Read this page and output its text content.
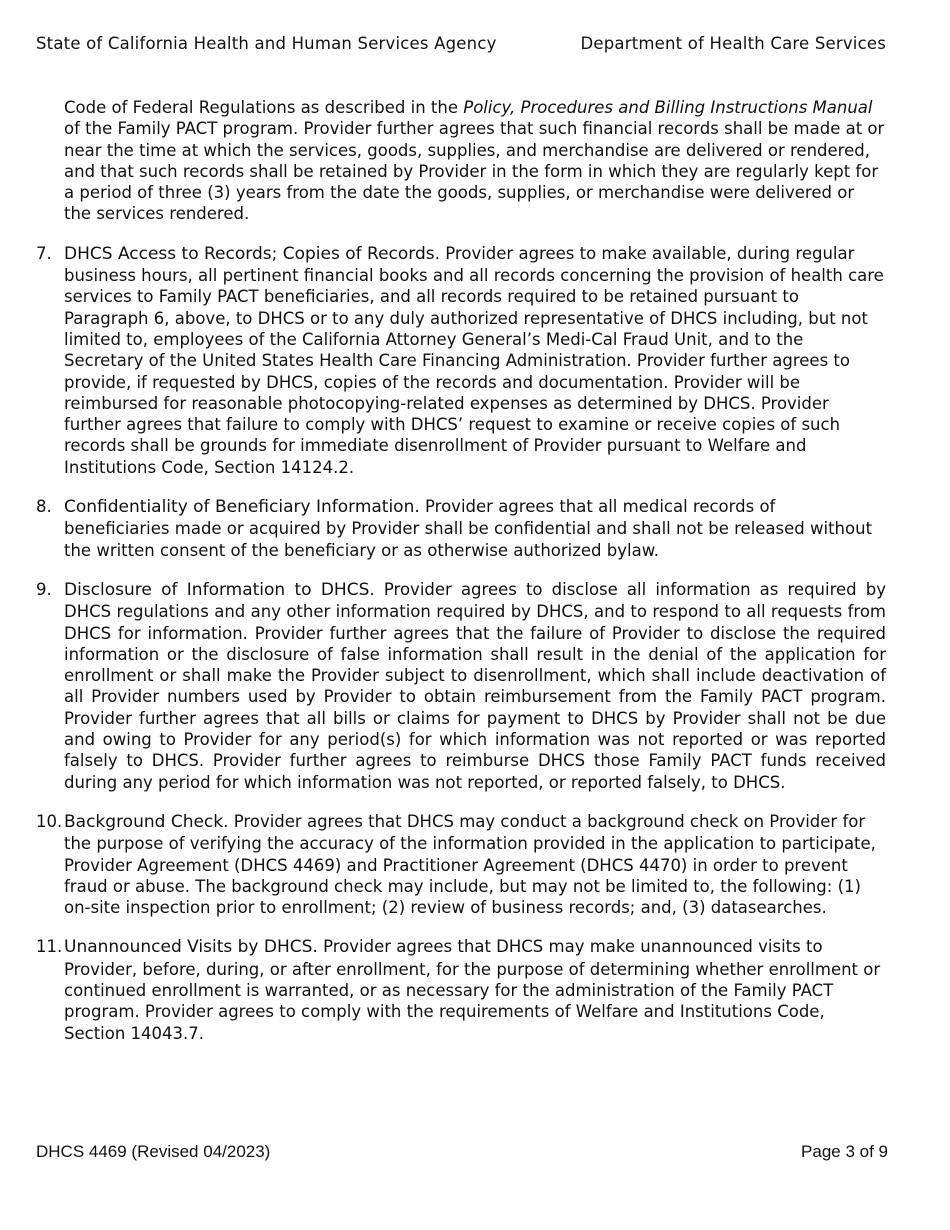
State of California Health and Human Services Agency	Department of Health Care Services
Code of Federal Regulations as described in the Policy, Procedures and Billing Instructions Manual of the Family PACT program. Provider further agrees that such financial records shall be made at or near the time at which the services, goods, supplies, and merchandise are delivered or rendered, and that such records shall be retained by Provider in the form in which they are regularly kept for a period of three (3) years from the date the goods, supplies, or merchandise were delivered or the services rendered.
7. DHCS Access to Records; Copies of Records. Provider agrees to make available, during regular business hours, all pertinent financial books and all records concerning the provision of health care services to Family PACT beneficiaries, and all records required to be retained pursuant to Paragraph 6, above, to DHCS or to any duly authorized representative of DHCS including, but not limited to, employees of the California Attorney General’s Medi-Cal Fraud Unit, and to the Secretary of the United States Health Care Financing Administration. Provider further agrees to provide, if requested by DHCS, copies of the records and documentation. Provider will be reimbursed for reasonable photocopying-related expenses as determined by DHCS. Provider further agrees that failure to comply with DHCS’ request to examine or receive copies of such records shall be grounds for immediate disenrollment of Provider pursuant to Welfare and Institutions Code, Section 14124.2.
8. Confidentiality of Beneficiary Information. Provider agrees that all medical records of beneficiaries made or acquired by Provider shall be confidential and shall not be released without the written consent of the beneficiary or as otherwise authorized bylaw.
9. Disclosure of Information to DHCS. Provider agrees to disclose all information as required by DHCS regulations and any other information required by DHCS, and to respond to all requests from DHCS for information. Provider further agrees that the failure of Provider to disclose the required information or the disclosure of false information shall result in the denial of the application for enrollment or shall make the Provider subject to disenrollment, which shall include deactivation of all Provider numbers used by Provider to obtain reimbursement from the Family PACT program. Provider further agrees that all bills or claims for payment to DHCS by Provider shall not be due and owing to Provider for any period(s) for which information was not reported or was reported falsely to DHCS. Provider further agrees to reimburse DHCS those Family PACT funds received during any period for which information was not reported, or reported falsely, to DHCS.
10. Background Check. Provider agrees that DHCS may conduct a background check on Provider for the purpose of verifying the accuracy of the information provided in the application to participate, Provider Agreement (DHCS 4469) and Practitioner Agreement (DHCS 4470) in order to prevent fraud or abuse. The background check may include, but may not be limited to, the following: (1) on-site inspection prior to enrollment; (2) review of business records; and, (3) datasearches.
11. Unannounced Visits by DHCS. Provider agrees that DHCS may make unannounced visits to Provider, before, during, or after enrollment, for the purpose of determining whether enrollment or continued enrollment is warranted, or as necessary for the administration of the Family PACT program. Provider agrees to comply with the requirements of Welfare and Institutions Code, Section 14043.7.
DHCS 4469 (Revised 04/2023)	Page 3 of 9
